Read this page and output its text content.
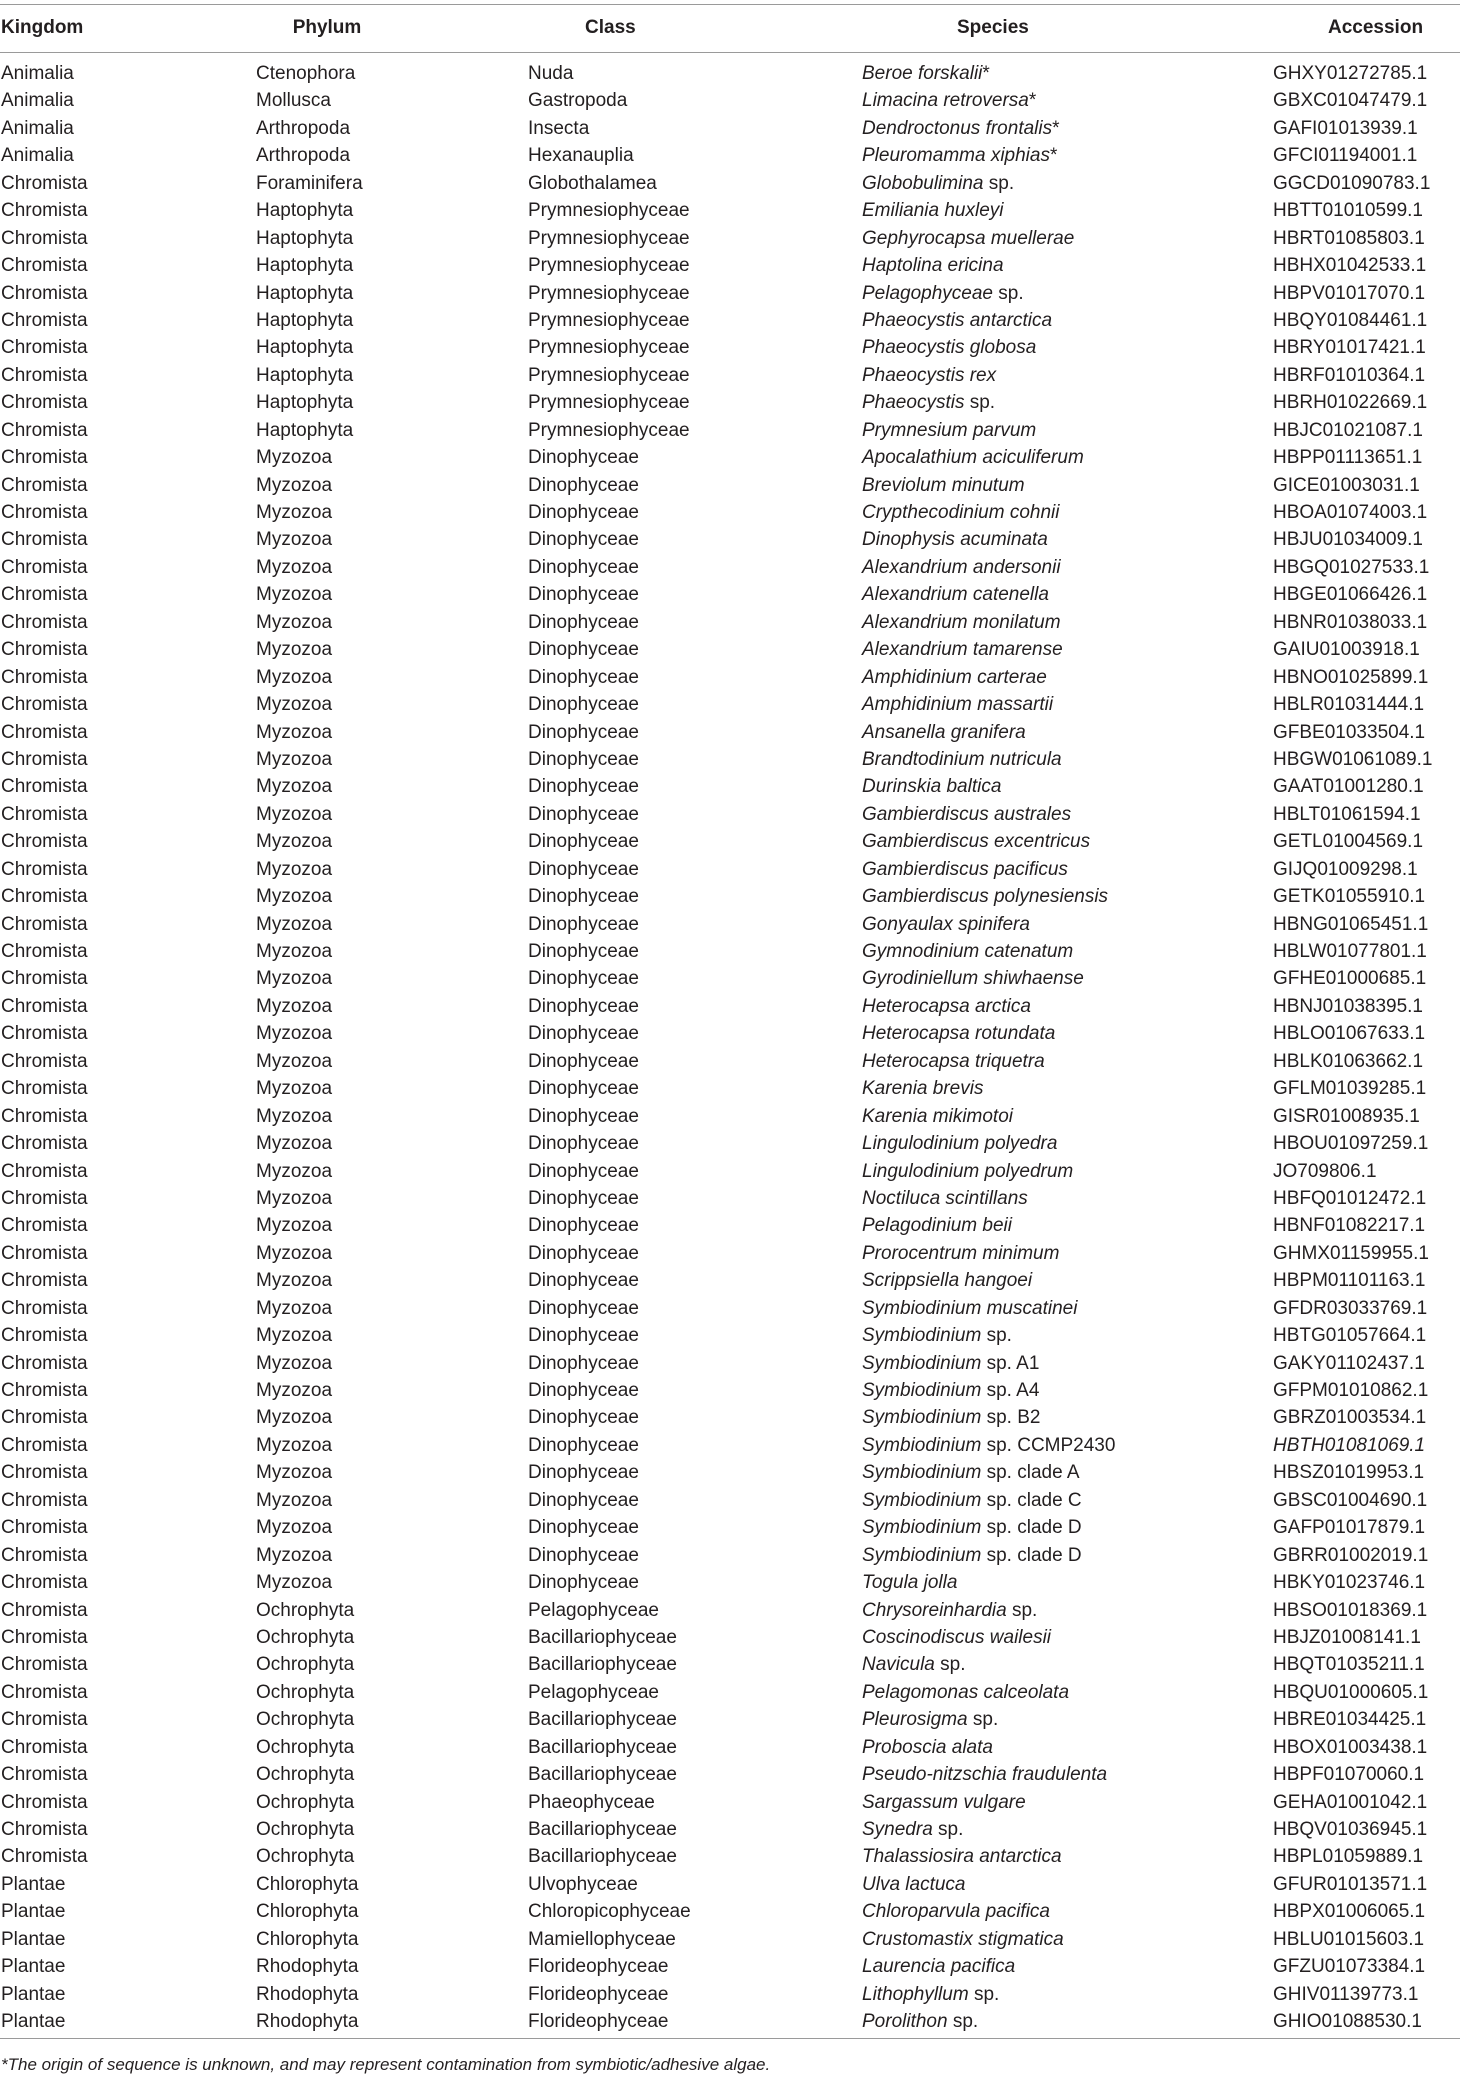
Kingdom	Phylum	Class	Species	Accession
Animalia	Ctenophora	Nuda	Beroe forskalii*	GHXY01272785.1
Animalia	Mollusca	Gastropoda	Limacina retroversa*	GBXC01047479.1
Animalia	Arthropoda	Insecta	Dendroctonus frontalis*	GAFI01013939.1
Animalia	Arthropoda	Hexanauplia	Pleuromamma xiphias*	GFCI01194001.1
Chromista	Foraminifera	Globothalamea	Globobulimina sp.	GGCD01090783.1
Chromista	Haptophyta	Prymnesiophyceae	Emiliania huxleyi	HBTT01010599.1
Chromista	Haptophyta	Prymnesiophyceae	Gephyrocapsa muellerae	HBRT01085803.1
Chromista	Haptophyta	Prymnesiophyceae	Haptolina ericina	HBHX01042533.1
Chromista	Haptophyta	Prymnesiophyceae	Pelagophyceae sp.	HBPV01017070.1
Chromista	Haptophyta	Prymnesiophyceae	Phaeocystis antarctica	HBQY01084461.1
Chromista	Haptophyta	Prymnesiophyceae	Phaeocystis globosa	HBRY01017421.1
Chromista	Haptophyta	Prymnesiophyceae	Phaeocystis rex	HBRF01010364.1
Chromista	Haptophyta	Prymnesiophyceae	Phaeocystis sp.	HBRH01022669.1
Chromista	Haptophyta	Prymnesiophyceae	Prymnesium parvum	HBJC01021087.1
Chromista	Myzozoa	Dinophyceae	Apocalathium aciculiferum	HBPP01113651.1
Chromista	Myzozoa	Dinophyceae	Breviolum minutum	GICE01003031.1
Chromista	Myzozoa	Dinophyceae	Crypthecodinium cohnii	HBOA01074003.1
Chromista	Myzozoa	Dinophyceae	Dinophysis acuminata	HBJU01034009.1
Chromista	Myzozoa	Dinophyceae	Alexandrium andersonii	HBGQ01027533.1
Chromista	Myzozoa	Dinophyceae	Alexandrium catenella	HBGE01066426.1
Chromista	Myzozoa	Dinophyceae	Alexandrium monilatum	HBNR01038033.1
Chromista	Myzozoa	Dinophyceae	Alexandrium tamarense	GAIU01003918.1
Chromista	Myzozoa	Dinophyceae	Amphidinium carterae	HBNO01025899.1
Chromista	Myzozoa	Dinophyceae	Amphidinium massartii	HBLR01031444.1
Chromista	Myzozoa	Dinophyceae	Ansanella granifera	GFBE01033504.1
Chromista	Myzozoa	Dinophyceae	Brandtodinium nutricula	HBGW01061089.1
Chromista	Myzozoa	Dinophyceae	Durinskia baltica	GAAT01001280.1
Chromista	Myzozoa	Dinophyceae	Gambierdiscus australes	HBLT01061594.1
Chromista	Myzozoa	Dinophyceae	Gambierdiscus excentricus	GETL01004569.1
Chromista	Myzozoa	Dinophyceae	Gambierdiscus pacificus	GIJQ01009298.1
Chromista	Myzozoa	Dinophyceae	Gambierdiscus polynesiensis	GETK01055910.1
Chromista	Myzozoa	Dinophyceae	Gonyaulax spinifera	HBNG01065451.1
Chromista	Myzozoa	Dinophyceae	Gymnodinium catenatum	HBLW01077801.1
Chromista	Myzozoa	Dinophyceae	Gyrodiniellum shiwhaense	GFHE01000685.1
Chromista	Myzozoa	Dinophyceae	Heterocapsa arctica	HBNJ01038395.1
Chromista	Myzozoa	Dinophyceae	Heterocapsa rotundata	HBLO01067633.1
Chromista	Myzozoa	Dinophyceae	Heterocapsa triquetra	HBLK01063662.1
Chromista	Myzozoa	Dinophyceae	Karenia brevis	GFLM01039285.1
Chromista	Myzozoa	Dinophyceae	Karenia mikimotoi	GISR01008935.1
Chromista	Myzozoa	Dinophyceae	Lingulodinium polyedra	HBOU01097259.1
Chromista	Myzozoa	Dinophyceae	Lingulodinium polyedrum	JO709806.1
Chromista	Myzozoa	Dinophyceae	Noctiluca scintillans	HBFQ01012472.1
Chromista	Myzozoa	Dinophyceae	Pelagodinium beii	HBNF01082217.1
Chromista	Myzozoa	Dinophyceae	Prorocentrum minimum	GHMX01159955.1
Chromista	Myzozoa	Dinophyceae	Scrippsiella hangoei	HBPM01101163.1
Chromista	Myzozoa	Dinophyceae	Symbiodinium muscatinei	GFDR03033769.1
Chromista	Myzozoa	Dinophyceae	Symbiodinium sp.	HBTG01057664.1
Chromista	Myzozoa	Dinophyceae	Symbiodinium sp. A1	GAKY01102437.1
Chromista	Myzozoa	Dinophyceae	Symbiodinium sp. A4	GFPM01010862.1
Chromista	Myzozoa	Dinophyceae	Symbiodinium sp. B2	GBRZ01003534.1
Chromista	Myzozoa	Dinophyceae	Symbiodinium sp. CCMP2430	HBTH01081069.1
Chromista	Myzozoa	Dinophyceae	Symbiodinium sp. clade A	HBSZ01019953.1
Chromista	Myzozoa	Dinophyceae	Symbiodinium sp. clade C	GBSC01004690.1
Chromista	Myzozoa	Dinophyceae	Symbiodinium sp. clade D	GAFP01017879.1
Chromista	Myzozoa	Dinophyceae	Symbiodinium sp. clade D	GBRR01002019.1
Chromista	Myzozoa	Dinophyceae	Togula jolla	HBKY01023746.1
Chromista	Ochrophyta	Pelagophyceae	Chrysoreinhardia sp.	HBSO01018369.1
Chromista	Ochrophyta	Bacillariophyceae	Coscinodiscus wailesii	HBJZ01008141.1
Chromista	Ochrophyta	Bacillariophyceae	Navicula sp.	HBQT01035211.1
Chromista	Ochrophyta	Pelagophyceae	Pelagomonas calceolata	HBQU01000605.1
Chromista	Ochrophyta	Bacillariophyceae	Pleurosigma sp.	HBRE01034425.1
Chromista	Ochrophyta	Bacillariophyceae	Proboscia alata	HBOX01003438.1
Chromista	Ochrophyta	Bacillariophyceae	Pseudo-nitzschia fraudulenta	HBPF01070060.1
Chromista	Ochrophyta	Phaeophyceae	Sargassum vulgare	GEHA01001042.1
Chromista	Ochrophyta	Bacillariophyceae	Synedra sp.	HBQV01036945.1
Chromista	Ochrophyta	Bacillariophyceae	Thalassiosira antarctica	HBPL01059889.1
Plantae	Chlorophyta	Ulvophyceae	Ulva lactuca	GFUR01013571.1
Plantae	Chlorophyta	Chloropicophyceae	Chloroparvula pacifica	HBPX01006065.1
Plantae	Chlorophyta	Mamiellophyceae	Crustomastix stigmatica	HBLU01015603.1
Plantae	Rhodophyta	Florideophyceae	Laurencia pacifica	GFZU01073384.1
Plantae	Rhodophyta	Florideophyceae	Lithophyllum sp.	GHIV01139773.1
Plantae	Rhodophyta	Florideophyceae	Porolithon sp.	GHIO01088530.1
*The origin of sequence is unknown, and may represent contamination from symbiotic/adhesive algae.
